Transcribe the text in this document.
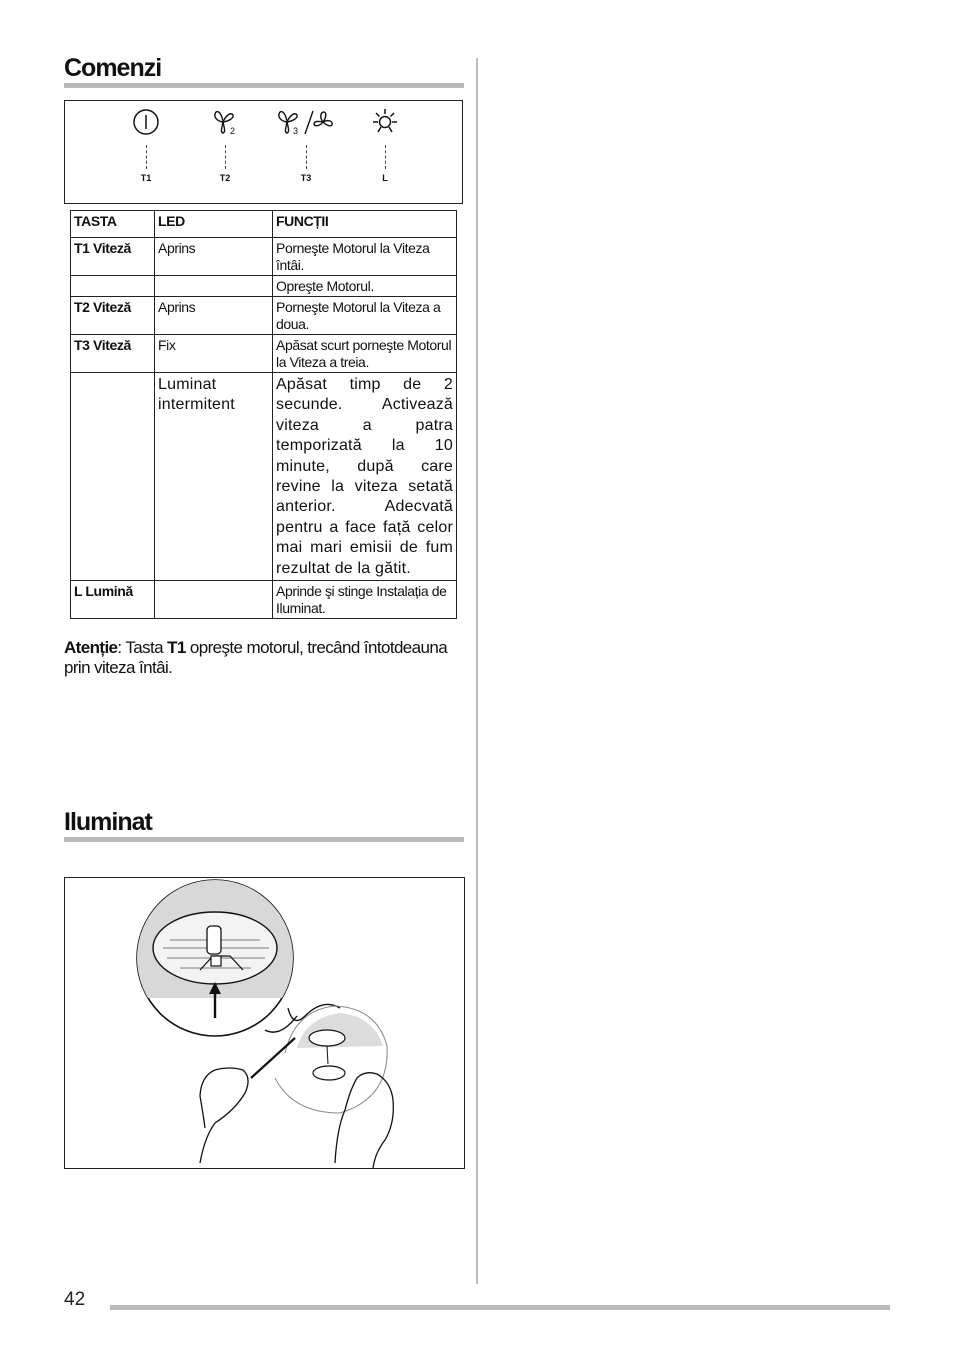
Comenzi
T1
2
T2
3
T3	L
TASTA	LED	FUNCȚII
T1 Viteză	Aprins	Porneşte Motorul la Viteza întâi.
		Opreşte Motorul.
T2 Viteză	Aprins	Porneşte Motorul la Viteza a doua.
T3 Viteză	Fix	Apăsat scurt porneşte Motorul la Viteza a treia.
	Luminat intermitent	Apăsat timp de 2 secunde. Activează viteza a patra temporizată la 10 minute, după care revine la viteza setată anterior. Adecvată pentru a face față celor mai mari emisii de fum rezultat de la gătit.
L Lumină		Aprinde şi stinge Instalația de Iluminat.

Atenție: Tasta T1 opreşte motorul, trecând întotdeauna prin viteza întâi.

Iluminat
42
